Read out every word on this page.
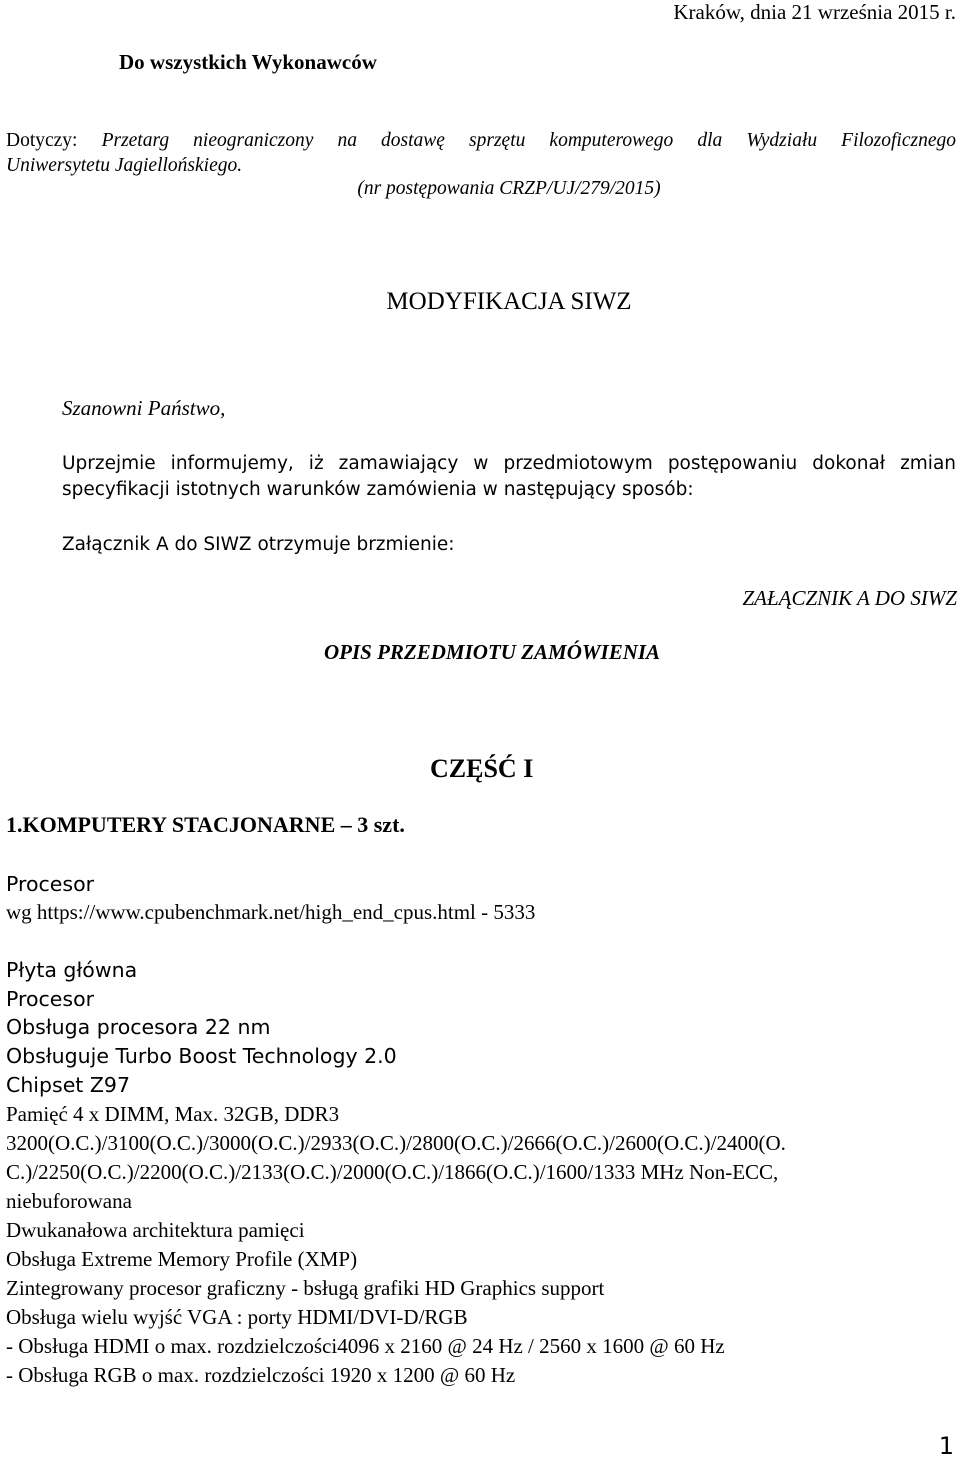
Kraków, dnia 21 września 2015 r.
Do wszystkich Wykonawców
Dotyczy: Przetarg nieograniczony na dostawę sprzętu komputerowego dla Wydziału Filozoficznego
Uniwersytetu Jagiellońskiego.
(nr postępowania CRZP/UJ/279/2015)
MODYFIKACJA SIWZ
Szanowni Państwo,
Uprzejmie informujemy, iż zamawiający w przedmiotowym postępowaniu dokonał zmian
specyfikacji istotnych warunków zamówienia w następujący sposób:
Załącznik A do SIWZ otrzymuje brzmienie:
ZAŁĄCZNIK A DO SIWZ
OPIS PRZEDMIOTU ZAMÓWIENIA
CZĘŚĆ I
1.KOMPUTERY STACJONARNE – 3 szt.
Procesor
wg https://www.cpubenchmark.net/high_end_cpus.html - 5333
Płyta główna
Procesor
Obsługa procesora 22 nm
Obsługuje Turbo Boost Technology 2.0
Chipset Z97
Pamięć 4 x DIMM, Max. 32GB, DDR3
3200(O.C.)/3100(O.C.)/3000(O.C.)/2933(O.C.)/2800(O.C.)/2666(O.C.)/2600(O.C.)/2400(O.
C.)/2250(O.C.)/2200(O.C.)/2133(O.C.)/2000(O.C.)/1866(O.C.)/1600/1333 MHz Non-ECC,
niebuforowana
Dwukanałowa architektura pamięci
Obsługa Extreme Memory Profile (XMP)
Zintegrowany procesor graficzny - bsługą grafiki HD Graphics support
Obsługa wielu wyjść VGA : porty HDMI/DVI-D/RGB
- Obsługa HDMI o max. rozdzielczości4096 x 2160 @ 24 Hz / 2560 x 1600 @ 60 Hz
- Obsługa RGB o max. rozdzielczości 1920 x 1200 @ 60 Hz
1
